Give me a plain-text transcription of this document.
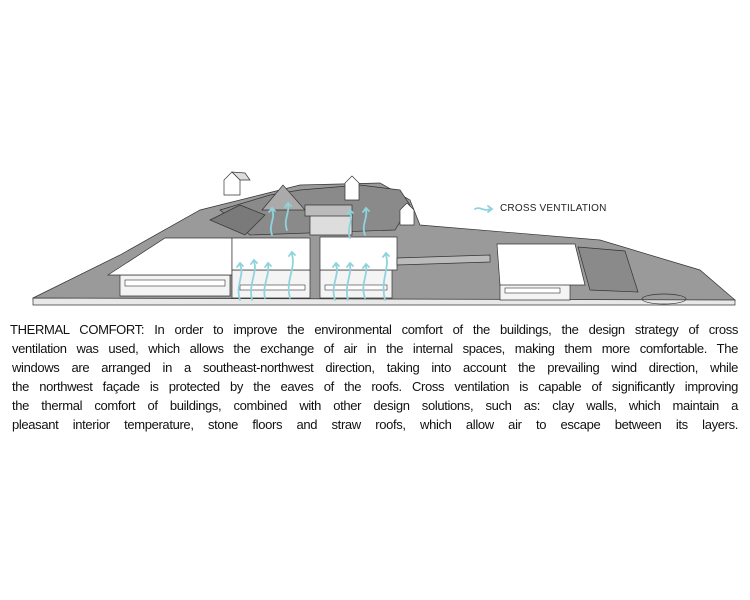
CROSS VENTILATION
THERMAL COMFORT: In order to improve the environmental comfort of the buildings, the design strategy of cross
ventilation was used, which allows the exchange of air in the internal spaces, making them more comfortable. The
windows are arranged in a southeast-northwest direction, taking into account the prevailing wind direction, while
the northwest façade is protected by the eaves of the roofs. Cross ventilation is capable of significantly improving
the thermal comfort of buildings, combined with other design solutions, such as: clay walls, which maintain a
pleasant interior temperature, stone floors and straw roofs, which allow air to escape between its layers.
